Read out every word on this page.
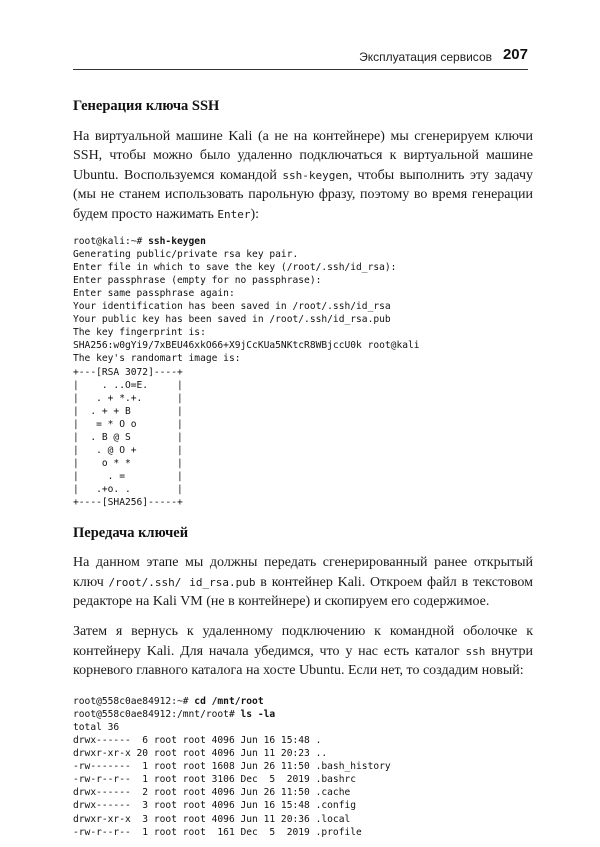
Эксплуатация сервисов 207
Генерация ключа SSH

На виртуальной машине Kali (а не на контейнере) мы сгенерируем ключи SSH, чтобы можно было удаленно подключаться к виртуальной машине Ubuntu. Воспользуемся командой ssh-keygen, чтобы выполнить эту задачу (мы не станем использовать парольную фразу, поэтому во время генерации будем просто нажимать Enter):

root@kali:~# ssh-keygen
Generating public/private rsa key pair.
Enter file in which to save the key (/root/.ssh/id_rsa):
Enter passphrase (empty for no passphrase):
Enter same passphrase again:
Your identification has been saved in /root/.ssh/id_rsa
Your public key has been saved in /root/.ssh/id_rsa.pub
The key fingerprint is:
SHA256:w0gYi9/7xBEU46xkO66+X9jCcKUa5NKtcR8WBjccU0k root@kali
The key's randomart image is:
+---[RSA 3072]----+
|    . ..O=E.     |
|   . + *.+.      |
|  . + + B        |
|   = * O o       |
|  . B @ S        |
|   . @ O +       |
|    o * *        |
|     . =         |
|   .+o. .        |
+----[SHA256]-----+
Передача ключей

На данном этапе мы должны передать сгенерированный ранее открытый ключ /root/.ssh/ id_rsa.pub в контейнер Kali. Откроем файл в текстовом редакторе на Kali VM (не в контейнере) и скопируем его содержимое.

Затем я вернусь к удаленному подключению к командной оболочке к контейнеру Kali. Для начала убедимся, что у нас есть каталог ssh внутри корневого главного каталога на хосте Ubuntu. Если нет, то создадим новый:

root@558c0ae84912:~# cd /mnt/root
root@558c0ae84912:/mnt/root# ls -la
total 36
drwx------  6 root root 4096 Jun 16 15:48 .
drwxr-xr-x 20 root root 4096 Jun 11 20:23 ..
-rw-------  1 root root 1608 Jun 26 11:50 .bash_history
-rw-r--r--  1 root root 3106 Dec  5  2019 .bashrc
drwx------  2 root root 4096 Jun 26 11:50 .cache
drwx------  3 root root 4096 Jun 16 15:48 .config
drwxr-xr-x  3 root root 4096 Jun 11 20:36 .local
-rw-r--r--  1 root root  161 Dec  5  2019 .profile
